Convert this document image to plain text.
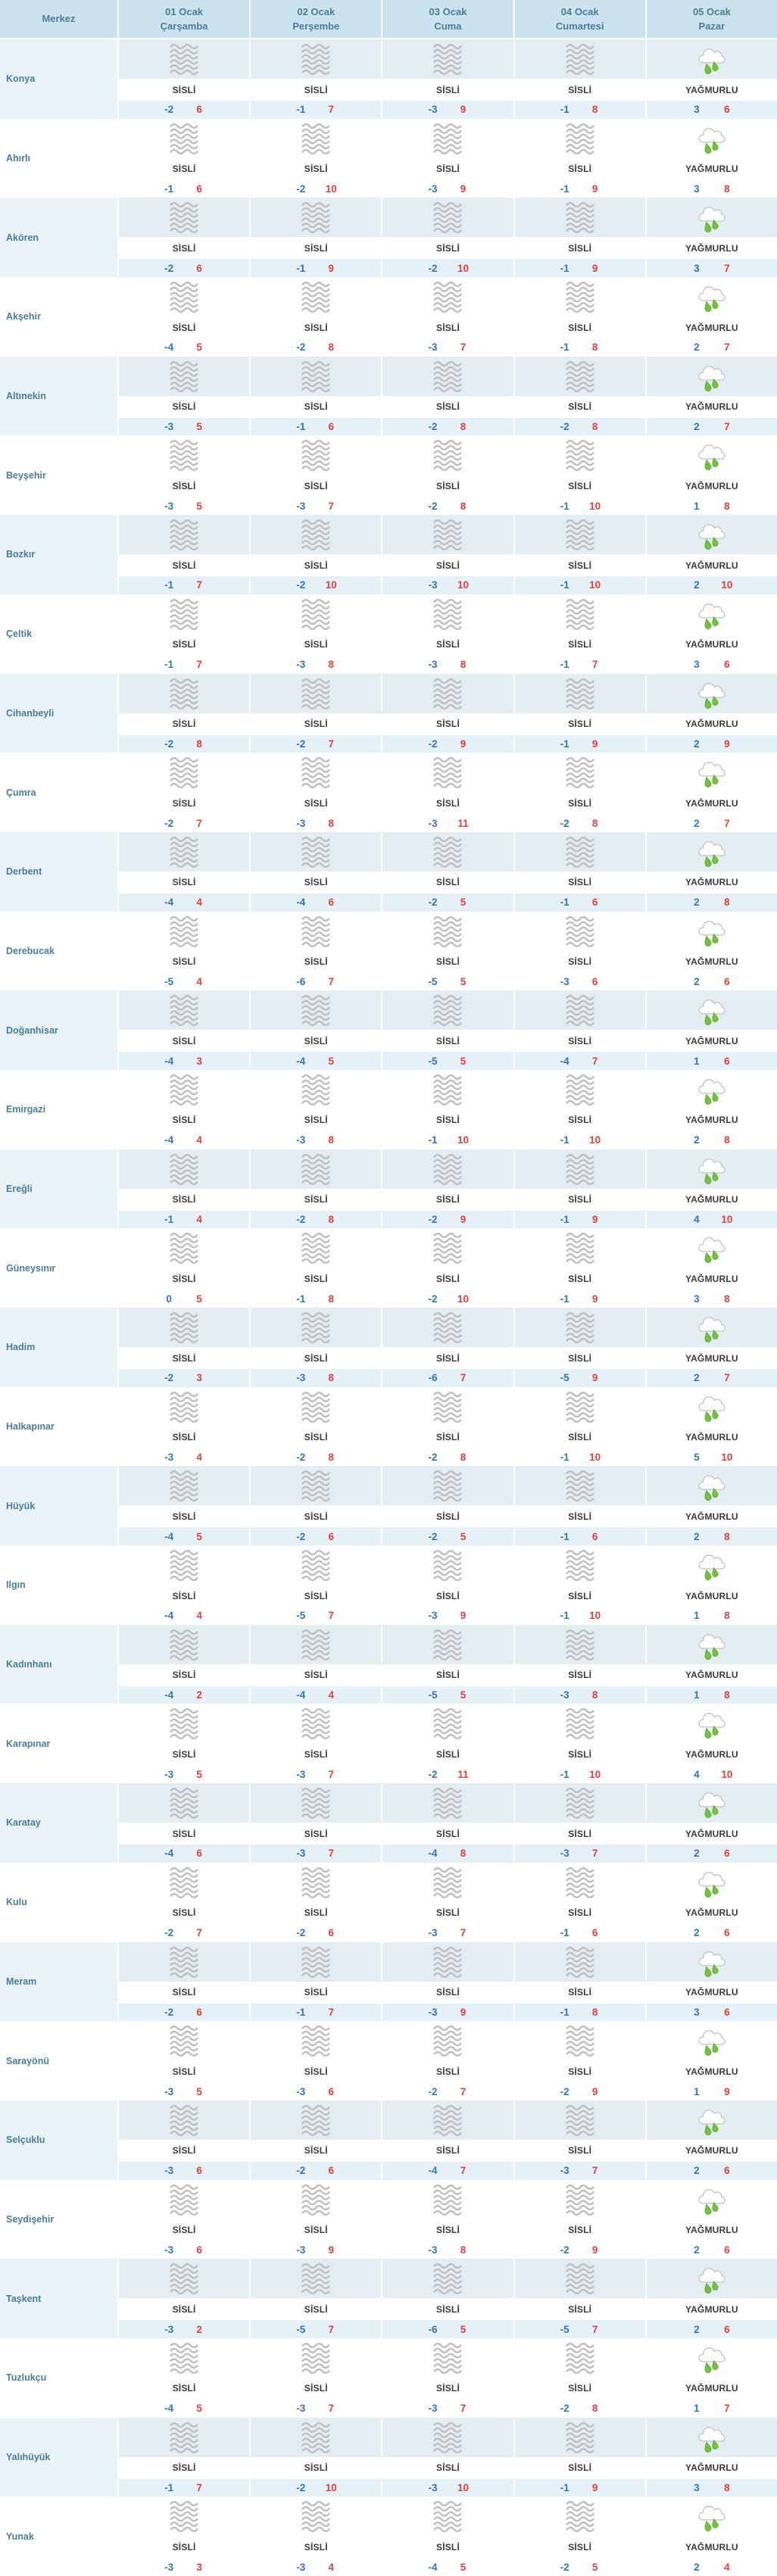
Merkez
01 Ocak
Çarşamba
02 Ocak
Perşembe
03 Ocak
Cuma
04 Ocak
Cumartesi
05 Ocak
Pazar
Konya
SİSLİ
-2	6
SİSLİ
-1	7
SİSLİ
-3	9
SİSLİ
-1	8
YAĞMURLU
3	6
Ahırlı
SİSLİ
-1	6
SİSLİ
-2 10
SİSLİ
-3	9
SİSLİ
-1	9
YAĞMURLU
3	8
Akören
SİSLİ
-2	6
SİSLİ
-1	9
SİSLİ
-2 10
SİSLİ
-1	9
YAĞMURLU
3	7
Akşehir
SİSLİ
-4	5
SİSLİ
-2	8
SİSLİ
-3	7
SİSLİ
-1	8
YAĞMURLU
2	7
Altınekin
SİSLİ
-3	5
SİSLİ
-1	6
SİSLİ
-2	8
SİSLİ
-2	8
YAĞMURLU
2	7
Beyşehir
SİSLİ
-3	5
SİSLİ
-3	7
SİSLİ
-2	8
SİSLİ
-1 10
YAĞMURLU
1	8
Bozkır
SİSLİ
-1	7
SİSLİ
-2 10
SİSLİ
-3 10
SİSLİ
-1 10
YAĞMURLU
2	10
Çeltik
SİSLİ
-1	7
SİSLİ
-3	8
SİSLİ
-3	8
SİSLİ
-1	7
YAĞMURLU
3	6
Cihanbeyli
SİSLİ
-2	8
SİSLİ
-2	7
SİSLİ
-2	9
SİSLİ
-1	9
YAĞMURLU
2	9
Çumra
SİSLİ
-2	7
SİSLİ
-3	8
SİSLİ
-3 11
SİSLİ
-2	8
YAĞMURLU
2	7
Derbent
SİSLİ
-4	4
SİSLİ
-4	6
SİSLİ
-2	5
SİSLİ
-1	6
YAĞMURLU
2	8
Derebucak
SİSLİ
-5	4
SİSLİ
-6	7
SİSLİ
-5	5
SİSLİ
-3	6
YAĞMURLU
2	6
Doğanhisar
SİSLİ
-4	3
SİSLİ
-4	5
SİSLİ
-5	5
SİSLİ
-4	7
YAĞMURLU
1	6
Emirgazi
SİSLİ
-4	4
SİSLİ
-3	8
SİSLİ
-1 10
SİSLİ
-1 10
YAĞMURLU
2	8
Ereğli
SİSLİ
-1	4
SİSLİ
-2	8
SİSLİ
-2	9
SİSLİ
-1	9
YAĞMURLU
4	10
Güneysınır
SİSLİ
0	5
SİSLİ
-1	8
SİSLİ
-2 10
SİSLİ
-1	9
YAĞMURLU
3	8
Hadim
SİSLİ
-2	3
SİSLİ
-3	8
SİSLİ
-6	7
SİSLİ
-5	9
YAĞMURLU
2	7
Halkapınar
SİSLİ
-3	4
SİSLİ
-2	8
SİSLİ
-2	8
SİSLİ
-1 10
YAĞMURLU
5	10
Hüyük
SİSLİ
-4	5
SİSLİ
-2	6
SİSLİ
-2	5
SİSLİ
-1	6
YAĞMURLU
2	8
Ilgın
SİSLİ
-4	4
SİSLİ
-5	7
SİSLİ
-3	9
SİSLİ
-1 10
YAĞMURLU
1	8
Kadınhanı
SİSLİ
-4	2
SİSLİ
-4	4
SİSLİ
-5	5
SİSLİ
-3	8
YAĞMURLU
1	8
Karapınar
SİSLİ
-3	5
SİSLİ
-3	7
SİSLİ
-2 11
SİSLİ
-1 10
YAĞMURLU
4	10
Karatay
SİSLİ
-4	6
SİSLİ
-3	7
SİSLİ
-4	8
SİSLİ
-3	7
YAĞMURLU
2	6
Kulu
SİSLİ
-2	7
SİSLİ
-2	6
SİSLİ
-3	7
SİSLİ
-1	6
YAĞMURLU
2	6
Meram
SİSLİ
-2	6
SİSLİ
-1	7
SİSLİ
-3	9
SİSLİ
-1	8
YAĞMURLU
3	6
Sarayönü
SİSLİ
-3	5
SİSLİ
-3	6
SİSLİ
-2	7
SİSLİ
-2	9
YAĞMURLU
1	9
Selçuklu
SİSLİ
-3	6
SİSLİ
-2	6
SİSLİ
-4	7
SİSLİ
-3	7
YAĞMURLU
2	6
Seydişehir
SİSLİ
-3	6
SİSLİ
-3	9
SİSLİ
-3	8
SİSLİ
-2	9
YAĞMURLU
2	6
Taşkent
SİSLİ
-3	2
SİSLİ
-5	7
SİSLİ
-6	5
SİSLİ
-5	7
YAĞMURLU
2	6
Tuzlukçu
SİSLİ
-4	5
SİSLİ
-3	7
SİSLİ
-3	7
SİSLİ
-2	8
YAĞMURLU
1	7
Yalıhüyük
SİSLİ
-1	7
SİSLİ
-2 10
SİSLİ
-3 10
SİSLİ
-1	9
YAĞMURLU
3	8
Yunak
SİSLİ
-3	3
SİSLİ
-3	4
SİSLİ
-4	5
SİSLİ
-2	5
YAĞMURLU
2	4
